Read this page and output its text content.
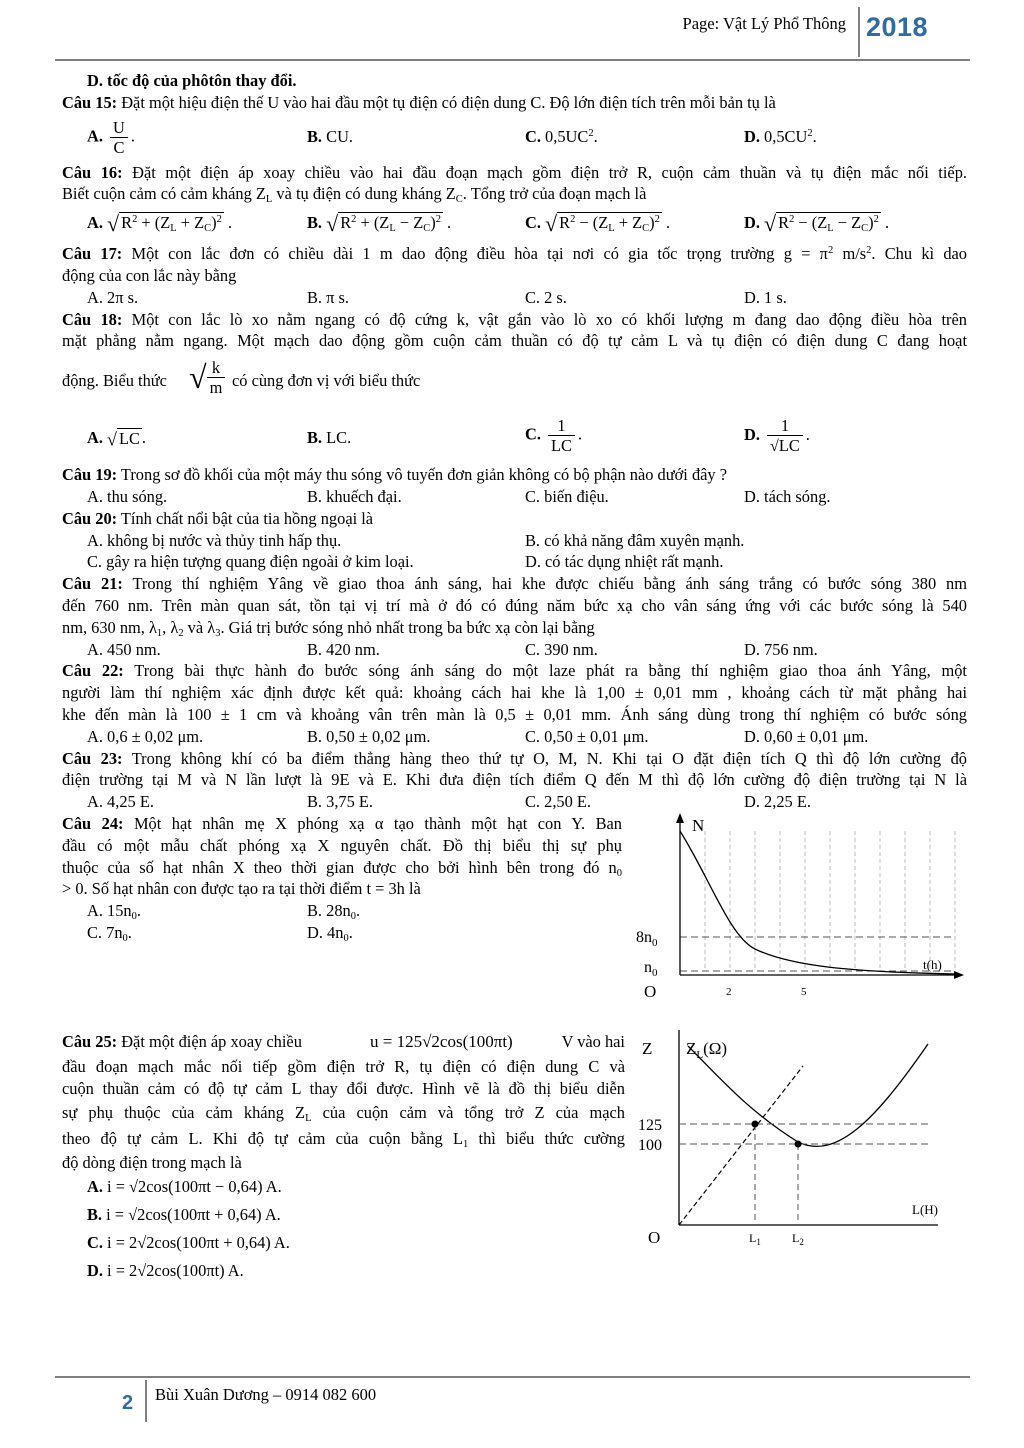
Page: Vật Lý Phổ Thông 2018
D. tốc độ của phôtôn thay đổi.
Câu 15: Đặt một hiệu điện thế U vào hai đầu một tụ điện có điện dung C. Độ lớn điện tích trên mỗi bản tụ là
A. $\frac{U}{C}$ .	B. CU.	C. $0,5UC^2$.	D. $0,5CU^2$.
Câu 16: Đặt một điện áp xoay chiều vào hai đầu đoạn mạch gồm điện trở R, cuộn cảm thuần và tụ điện mắc nối tiếp.
Biết cuộn cảm có cảm kháng $Z_L$ và tụ điện có dung kháng $Z_C$. Tổng trở của đoạn mạch là
A. √ $R^2 + (Z_L + Z_C)^2$ .	B. √ $R^2 + (Z_L - Z_C)^2$ .	C. √ $R^2 - (Z_L + Z_C)^2$ .	D. √ $R^2 - (Z_L - Z_C)^2$ .
Câu 17: Một con lắc đơn có chiều dài 1 m dao động điều hòa tại nơi có gia tốc trọng trường $g = \pi^2$ $m/s^2$. Chu kì dao
động của con lắc này bằng
A. 2π s.	B. π s.	C. 2 s.	D. 1 s.
Câu 18: Một con lắc lò xo nằm ngang có độ cứng k, vật gắn vào lò xo có khối lượng m đang dao động điều hòa trên
mặt phẳng nằm ngang. Một mạch dao động gồm cuộn cảm thuần có độ tự cảm L và tụ điện có điện dung C đang hoạt
động. Biểu thức √ $\frac{k}{m}$ có cùng đơn vị với biểu thức
A. √ LC .	B. LC.	C. $\frac{1}{LC}$ .	D. $\frac{1}{√LC}$ .
Câu 19: Trong sơ đồ khối của một máy thu sóng vô tuyến đơn giản không có bộ phận nào dưới đây ?
A. thu sóng.	B. khuếch đại.	C. biến điệu.	D. tách sóng.
Câu 20: Tính chất nổi bật của tia hồng ngoại là
A. không bị nước và thủy tinh hấp thụ.	B. có khả năng đâm xuyên mạnh.
C. gây ra hiện tượng quang điện ngoài ở kim loại.	D. có tác dụng nhiệt rất mạnh.
Câu 21: Trong thí nghiệm Yâng về giao thoa ánh sáng, hai khe được chiếu bằng ánh sáng trắng có bước sóng 380 nm
đến 760 nm. Trên màn quan sát, tồn tại vị trí mà ở đó có đúng năm bức xạ cho vân sáng ứng với các bước sóng là 540
nm, 630 nm, $\lambda_1$, $\lambda_2$ và $\lambda_3$. Giá trị bước sóng nhỏ nhất trong ba bức xạ còn lại bằng
A. 450 nm.	B. 420 nm.	C. 390 nm.	D. 756 nm.
Câu 22: Trong bài thực hành đo bước sóng ánh sáng do một laze phát ra bằng thí nghiệm giao thoa ánh Yâng, một
người làm thí nghiệm xác định được kết quả: khoảng cách hai khe là 1,00 ± 0,01 mm , khoảng cách từ mặt phẳng hai
khe đến màn là 100 ± 1 cm và khoảng vân trên màn là 0,5 ± 0,01 mm. Ánh sáng dùng trong thí nghiệm có bước sóng
A. 0,6 ± 0,02 μm.	B. 0,50 ± 0,02 μm.	C. 0,50 ± 0,01 μm.	D. 0,60 ± 0,01 μm.
Câu 23: Trong không khí có ba điểm thẳng hàng theo thứ tự O, M, N. Khi tại O đặt điện tích Q thì độ lớn cường độ
điện trường tại M và N lần lượt là 9E và E. Khi đưa điện tích điểm Q đến M thì độ lớn cường độ điện trường tại N là
A. 4,25 E.	B. 3,75 E.	C. 2,50 E.	D. 2,25 E.
Câu 24: Một hạt nhân mẹ X phóng xạ α tạo thành một hạt con Y. Ban
đầu có một mẫu chất phóng xạ X nguyên chất. Đồ thị biểu thị sự phụ
thuộc của số hạt nhân X theo thời gian được cho bởi hình bên trong đó $n_0$
> 0. Số hạt nhân con được tạo ra tại thời điểm t = 3h là
A. $15n_0$.	B. $28n_0$.
C. $7n_0$.	D. $4n_0$.
N
$8n_0$
$n_0$
O	2	5
t(h)
Câu 25: Đặt một điện áp xoay chiều	u = 125√2cos(100πt)	V vào hai
đầu đoạn mạch mắc nối tiếp gồm điện trở R, tụ điện có điện dung C và
cuộn thuần cảm có độ tự cảm L thay đổi được. Hình vẽ là đồ thị biểu diễn
sự phụ thuộc của cảm kháng $Z_L$ của cuộn cảm và tổng trở Z của mạch
theo độ tự cảm L. Khi độ tự cảm của cuộn bằng $L_1$ thì biểu thức cường
độ dòng điện trong mạch là
A. i = √2cos(100πt − 0,64) A.
B. i = √2cos(100πt + 0,64) A.
C. i = 2√2cos(100πt + 0,64) A.
D. i = 2√2cos(100πt) A.
Z $Z_L(\Omega)$
125
100
O	$L_1$	$L_2$
L(H)
2 Bùi Xuân Dương – 0914 082 600
